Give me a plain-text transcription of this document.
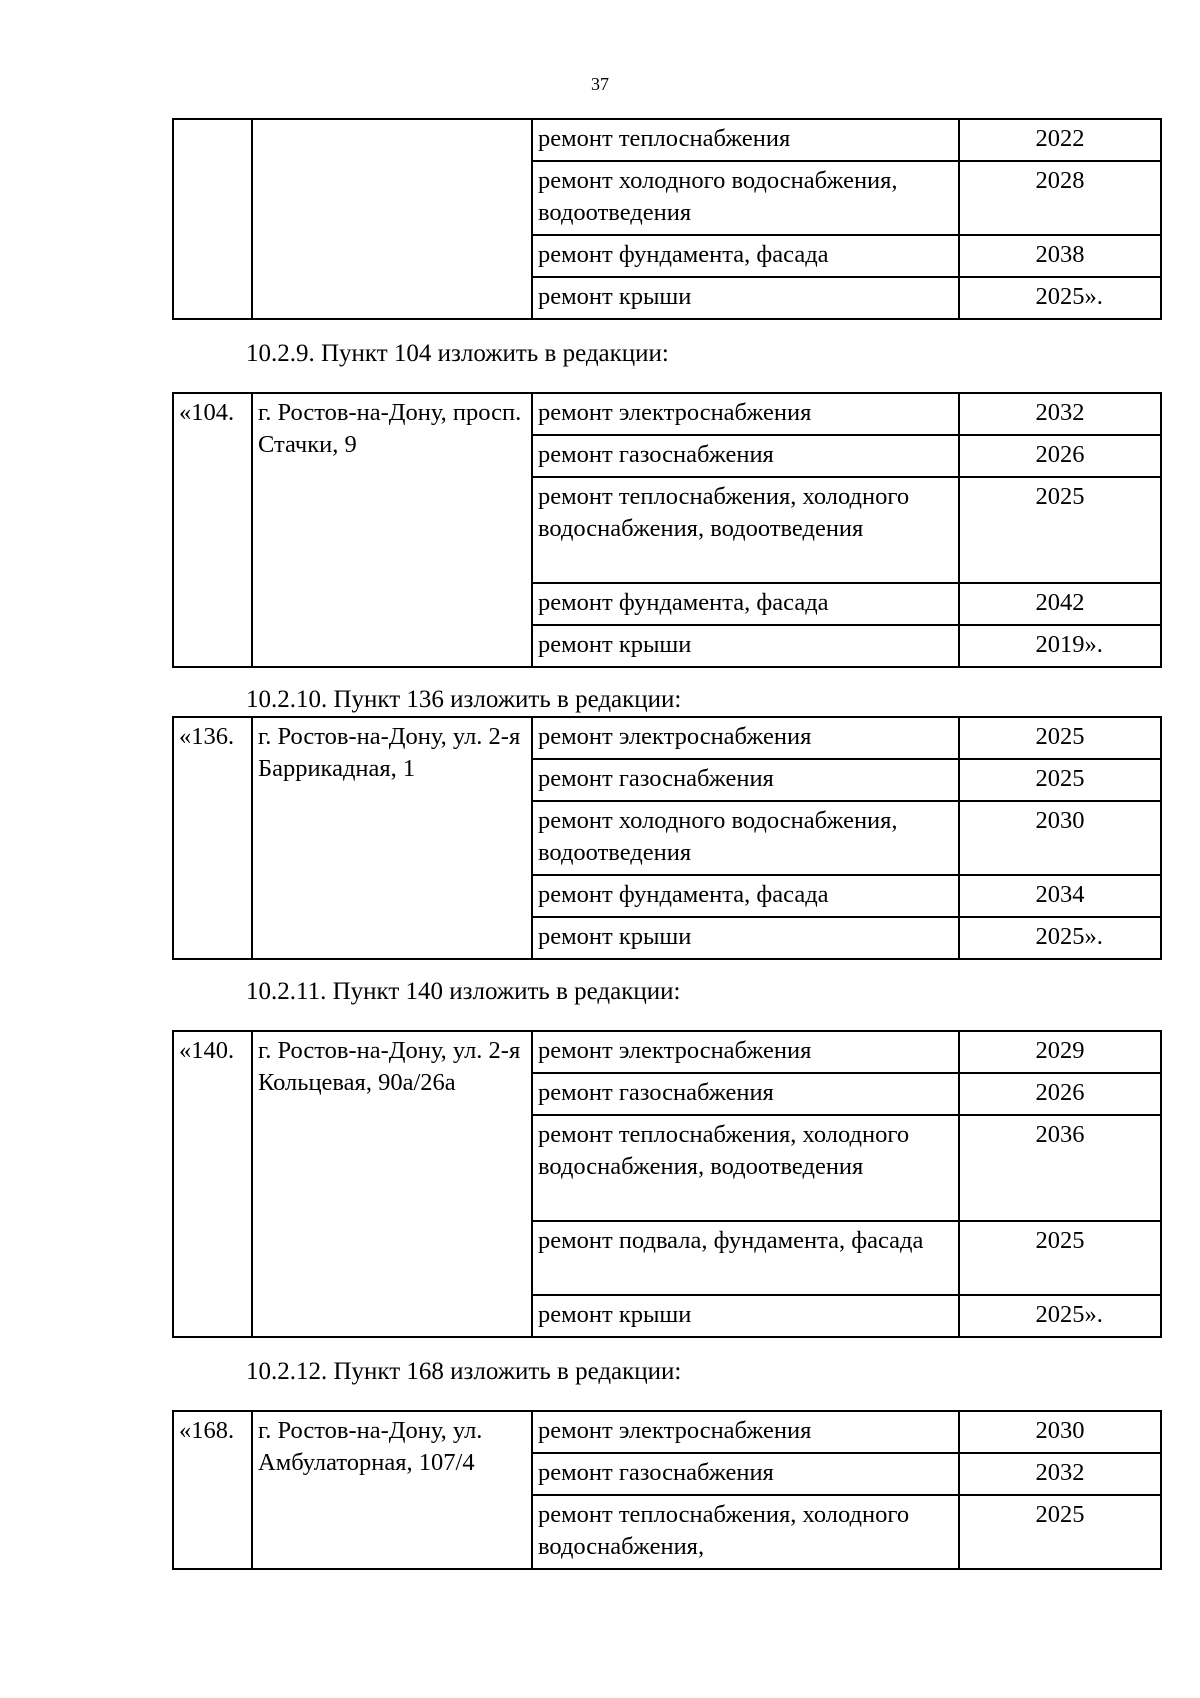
37
		ремонт теплоснабжения	2022
		ремонт холодного водоснабжения, водоотведения	2028
		ремонт фундамента, фасада	2038
		ремонт крыши	2025 ».
10.2.9. Пункт 104 изложить в редакции:
«104.	г. Ростов-на-Дону, просп. Стачки, 9	ремонт электроснабжения	2032
		ремонт газоснабжения	2026
		ремонт теплоснабжения, холодного водоснабжения, водоотведения	2025
		ремонт фундамента, фасада	2042
		ремонт крыши	2019 ».
10.2.10. Пункт 136 изложить в редакции:
«136.	г. Ростов-на-Дону, ул. 2-я Баррикадная, 1	ремонт электроснабжения	2025
		ремонт газоснабжения	2025
		ремонт холодного водоснабжения, водоотведения	2030
		ремонт фундамента, фасада	2034
		ремонт крыши	2025 ».
10.2.11. Пункт 140 изложить в редакции:
«140.	г. Ростов-на-Дону, ул. 2-я Кольцевая, 90а/26а	ремонт электроснабжения	2029
		ремонт газоснабжения	2026
		ремонт теплоснабжения, холодного водоснабжения, водоотведения	2036
		ремонт подвала, фундамента, фасада	2025
		ремонт крыши	2025 ».
10.2.12. Пункт 168 изложить в редакции:
«168.	г. Ростов-на-Дону, ул. Амбулаторная, 107/4	ремонт электроснабжения	2030
		ремонт газоснабжения	2032
		ремонт теплоснабжения, холодного водоснабжения,	2025
